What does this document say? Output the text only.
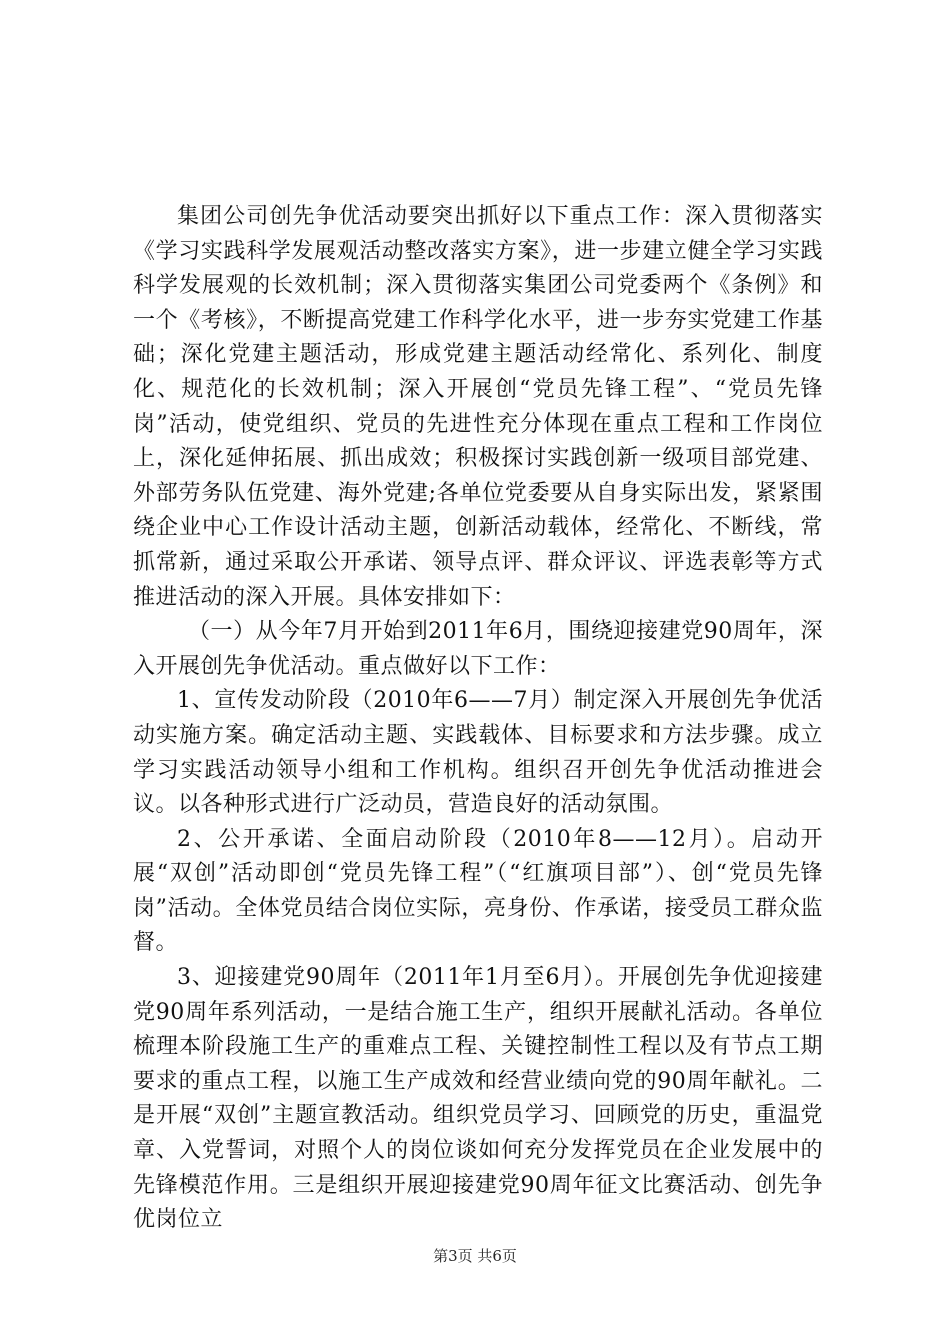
集团公司创先争优活动要突出抓好以下重点工作：深入贯彻落实《学习实践科学发展观活动整改落实方案》，进一步建立健全学习实践科学发展观的长效机制；深入贯彻落实集团公司党委两个《条例》和一个《考核》，不断提高党建工作科学化水平，进一步夯实党建工作基础；深化党建主题活动，形成党建主题活动经常化、系列化、制度化、规范化的长效机制；深入开展创“党员先锋工程”、“党员先锋岗”活动，使党组织、党员的先进性充分体现在重点工程和工作岗位上，深化延伸拓展、抓出成效；积极探讨实践创新一级项目部党建、外部劳务队伍党建、海外党建;各单位党委要从自身实际出发，紧紧围绕企业中心工作设计活动主题，创新活动载体，经常化、不断线，常抓常新，通过采取公开承诺、领导点评、群众评议、评选表彰等方式推进活动的深入开展。具体安排如下：

（一）从今年7月开始到2011年6月，围绕迎接建党90周年，深入开展创先争优活动。重点做好以下工作：

1、宣传发动阶段（2010年6——7月）制定深入开展创先争优活动实施方案。确定活动主题、实践载体、目标要求和方法步骤。成立学习实践活动领导小组和工作机构。组织召开创先争优活动推进会议。以各种形式进行广泛动员，营造良好的活动氛围。

2、公开承诺、全面启动阶段（2010年8——12月）。启动开展“双创”活动即创“党员先锋工程”（“红旗项目部”）、创“党员先锋岗”活动。全体党员结合岗位实际，亮身份、作承诺，接受员工群众监督。

3、迎接建党90周年（2011年1月至6月）。开展创先争优迎接建党90周年系列活动，一是结合施工生产，组织开展献礼活动。各单位梳理本阶段施工生产的重难点工程、关键控制性工程以及有节点工期要求的重点工程，以施工生产成效和经营业绩向党的90周年献礼。二是开展“双创”主题宣教活动。组织党员学习、回顾党的历史，重温党章、入党誓词，对照个人的岗位谈如何充分发挥党员在企业发展中的先锋模范作用。三是组织开展迎接建党90周年征文比赛活动、创先争优岗位立

第3页 共6页
